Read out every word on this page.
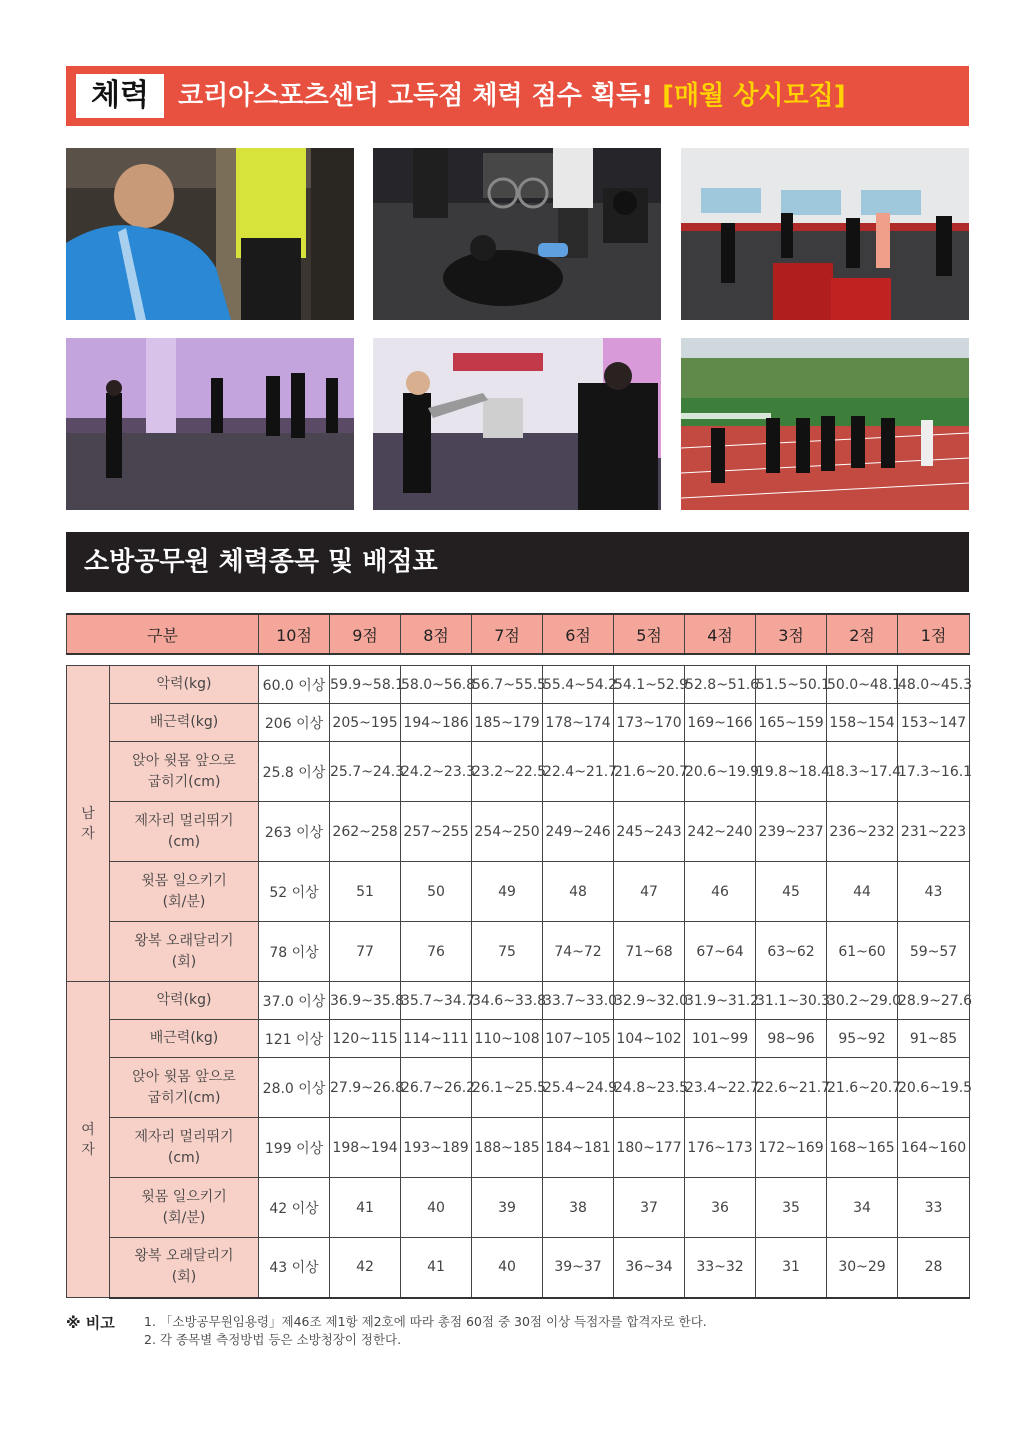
체력	코리아스포츠센터 고득점 체력 점수 획득! [매월 상시모집]
소방공무원 체력종목 및 배점표
구분		10점	9점	8점	7점	6점	5점	4점	3점	2점	1점

남
자	악력(kg)	60.0 이상	59.9~58.1	58.0~56.8	56.7~55.5	55.4~54.2	54.1~52.9	52.8~51.6	51.5~50.1	50.0~48.1	48.0~45.3

	배근력(kg)	206 이상	205~195	194~186	185~179	178~174	173~170	169~166	165~159	158~154	153~147

	앉아 윗몸 앞으로
굽히기(cm)	25.8 이상	25.7~24.3	24.2~23.3	23.2~22.5	22.4~21.7	21.6~20.7	20.6~19.9	19.8~18.4	18.3~17.4	17.3~16.1

	제자리 멀리뛰기
(cm)	263 이상	262~258	257~255	254~250	249~246	245~243	242~240	239~237	236~232	231~223

	윗몸 일으키기
(회/분)	52 이상	51	50	49	48	47	46	45	44	43

	왕복 오래달리기
(회)	78 이상	77	76	75	74~72	71~68	67~64	63~62	61~60	59~57

여
자	악력(kg)	37.0 이상	36.9~35.8	35.7~34.7	34.6~33.8	33.7~33.0	32.9~32.0	31.9~31.2	31.1~30.3	30.2~29.0	28.9~27.6

	배근력(kg)	121 이상	120~115	114~111	110~108	107~105	104~102	101~99	98~96	95~92	91~85

	앉아 윗몸 앞으로
굽히기(cm)	28.0 이상	27.9~26.8	26.7~26.2	26.1~25.5	25.4~24.9	24.8~23.5	23.4~22.7	22.6~21.7	21.6~20.7	20.6~19.5

	제자리 멀리뛰기
(cm)	199 이상	198~194	193~189	188~185	184~181	180~177	176~173	172~169	168~165	164~160

	윗몸 일으키기
(회/분)	42 이상	41	40	39	38	37	36	35	34	33

	왕복 오래달리기
(회)	43 이상	42	41	40	39~37	36~34	33~32	31	30~29	28
※ 비고 1. 「소방공무원임용령」제46조 제1항 제2호에 따라 총점 60점 중 30점 이상 득점자를 합격자로 한다.
2. 각 종목별 측정방법 등은 소방청장이 정한다.
